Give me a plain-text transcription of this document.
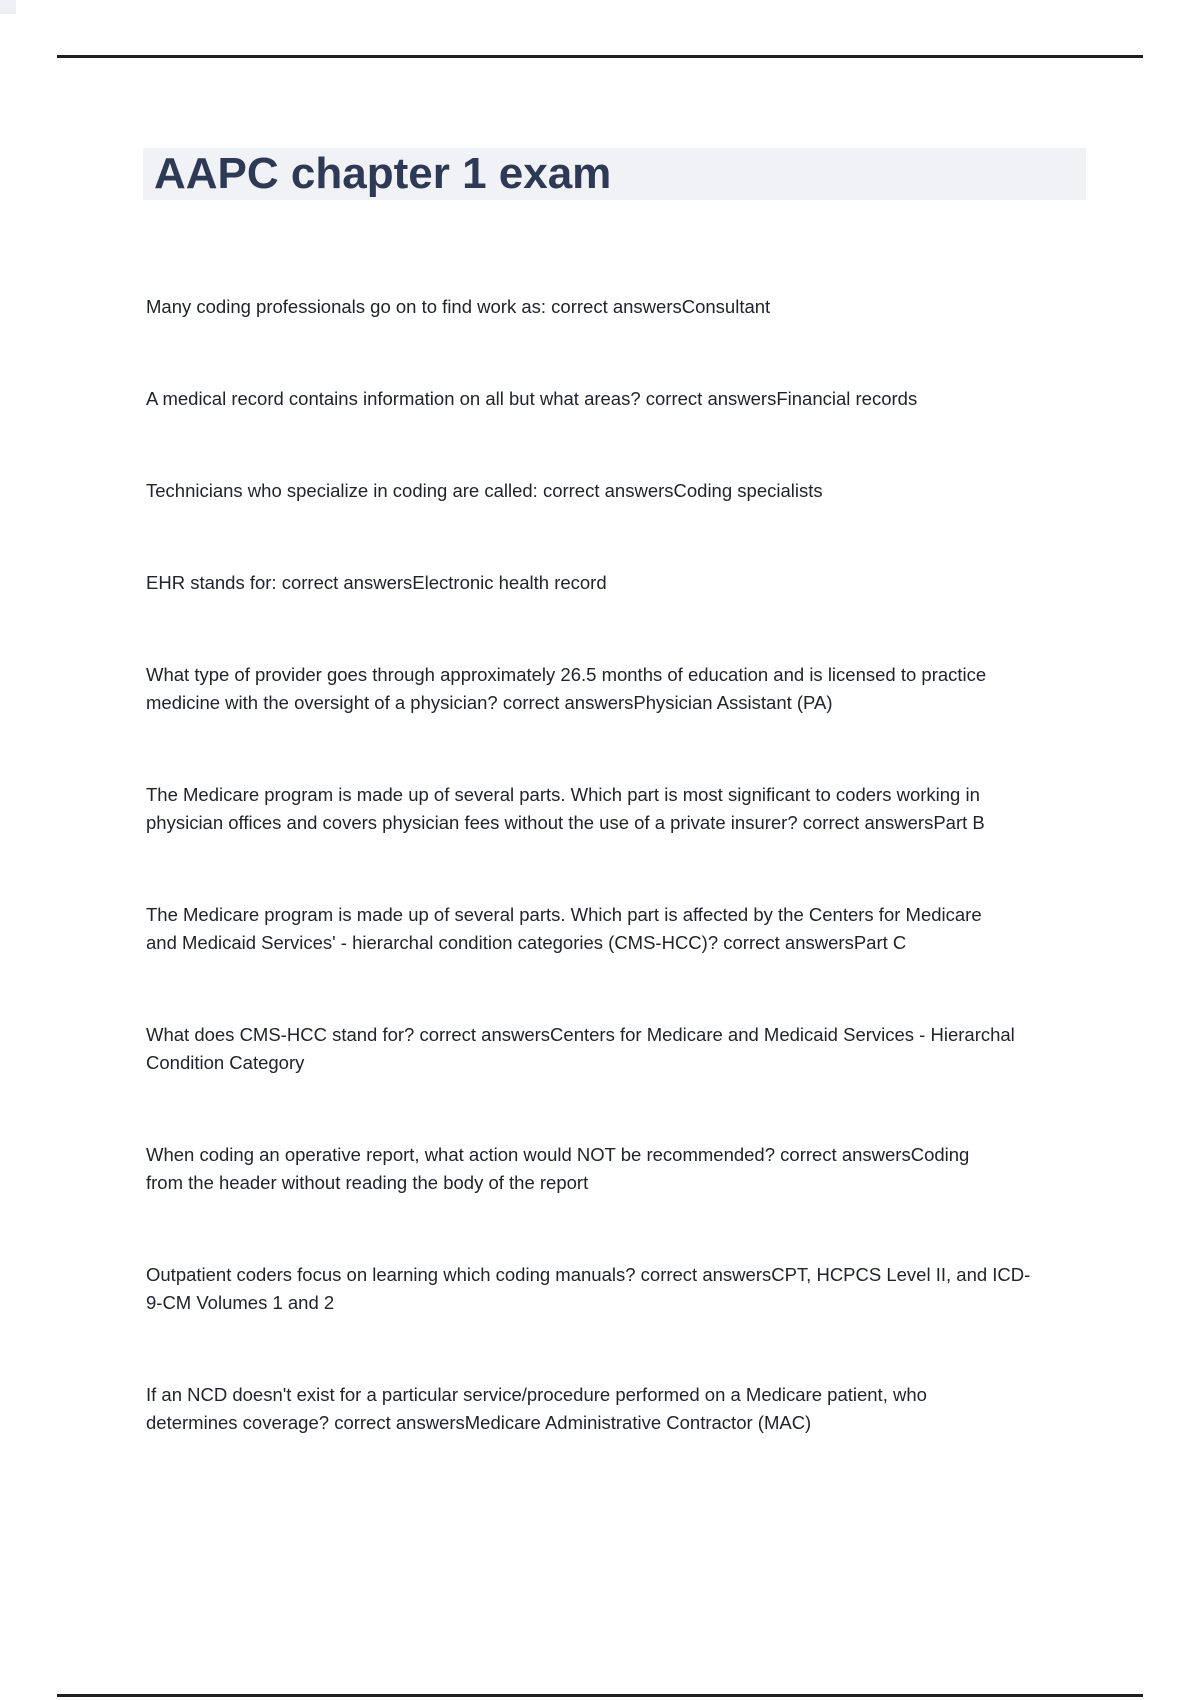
AAPC chapter 1 exam

Many coding professionals go on to find work as: correct answersConsultant

A medical record contains information on all but what areas? correct answersFinancial records

Technicians who specialize in coding are called: correct answersCoding specialists

EHR stands for: correct answersElectronic health record

What type of provider goes through approximately 26.5 months of education and is licensed to practice
medicine with the oversight of a physician? correct answersPhysician Assistant (PA)

The Medicare program is made up of several parts. Which part is most significant to coders working in
physician offices and covers physician fees without the use of a private insurer? correct answersPart B

The Medicare program is made up of several parts. Which part is affected by the Centers for Medicare
and Medicaid Services' - hierarchal condition categories (CMS-HCC)? correct answersPart C

What does CMS-HCC stand for? correct answersCenters for Medicare and Medicaid Services - Hierarchal
Condition Category

When coding an operative report, what action would NOT be recommended? correct answersCoding
from the header without reading the body of the report

Outpatient coders focus on learning which coding manuals? correct answersCPT, HCPCS Level II, and ICD-
9-CM Volumes 1 and 2

If an NCD doesn't exist for a particular service/procedure performed on a Medicare patient, who
determines coverage? correct answersMedicare Administrative Contractor (MAC)
